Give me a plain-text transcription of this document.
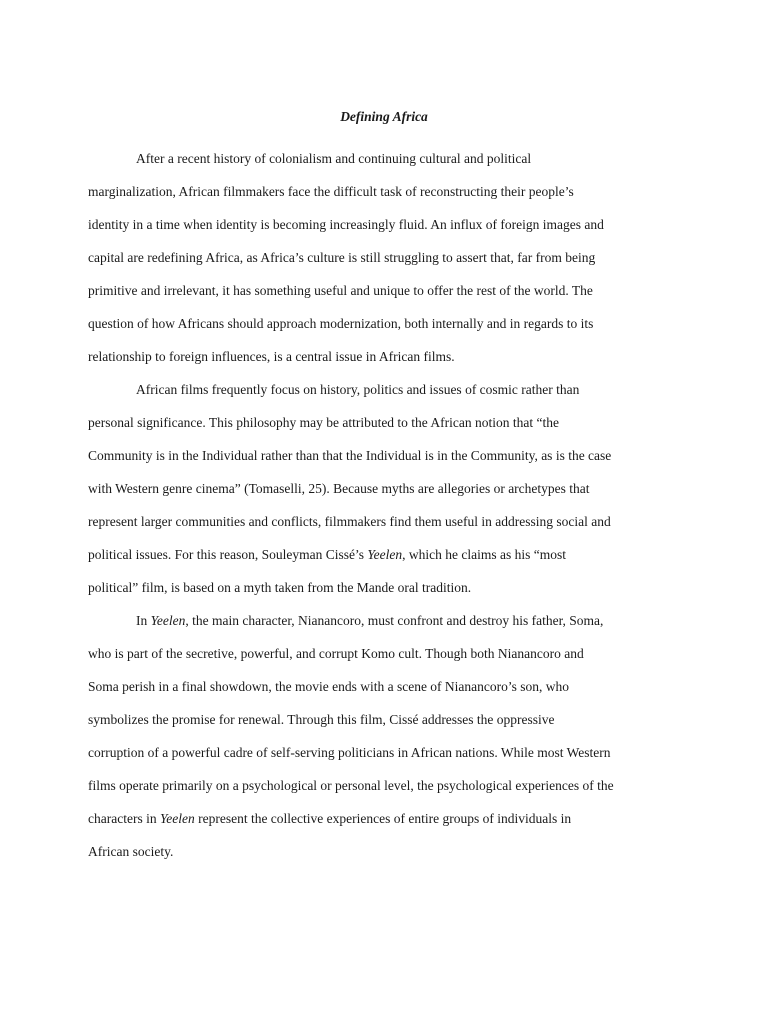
Defining Africa
After a recent history of colonialism and continuing cultural and political
marginalization, African filmmakers face the difficult task of reconstructing their people’s
identity in a time when identity is becoming increasingly fluid. An influx of foreign images and
capital are redefining Africa, as Africa’s culture is still struggling to assert that, far from being
primitive and irrelevant, it has something useful and unique to offer the rest of the world. The
question of how Africans should approach modernization, both internally and in regards to its
relationship to foreign influences, is a central issue in African films.
African films frequently focus on history, politics and issues of cosmic rather than
personal significance. This philosophy may be attributed to the African notion that “the
Community is in the Individual rather than that the Individual is in the Community, as is the case
with Western genre cinema” (Tomaselli, 25). Because myths are allegories or archetypes that
represent larger communities and conflicts, filmmakers find them useful in addressing social and
political issues. For this reason, Souleyman Cissé’s Yeelen, which he claims as his “most
political” film, is based on a myth taken from the Mande oral tradition.
In Yeelen, the main character, Nianancoro, must confront and destroy his father, Soma,
who is part of the secretive, powerful, and corrupt Komo cult. Though both Nianancoro and
Soma perish in a final showdown, the movie ends with a scene of Nianancoro’s son, who
symbolizes the promise for renewal. Through this film, Cissé addresses the oppressive
corruption of a powerful cadre of self-serving politicians in African nations. While most Western
films operate primarily on a psychological or personal level, the psychological experiences of the
characters in Yeelen represent the collective experiences of entire groups of individuals in
African society.
